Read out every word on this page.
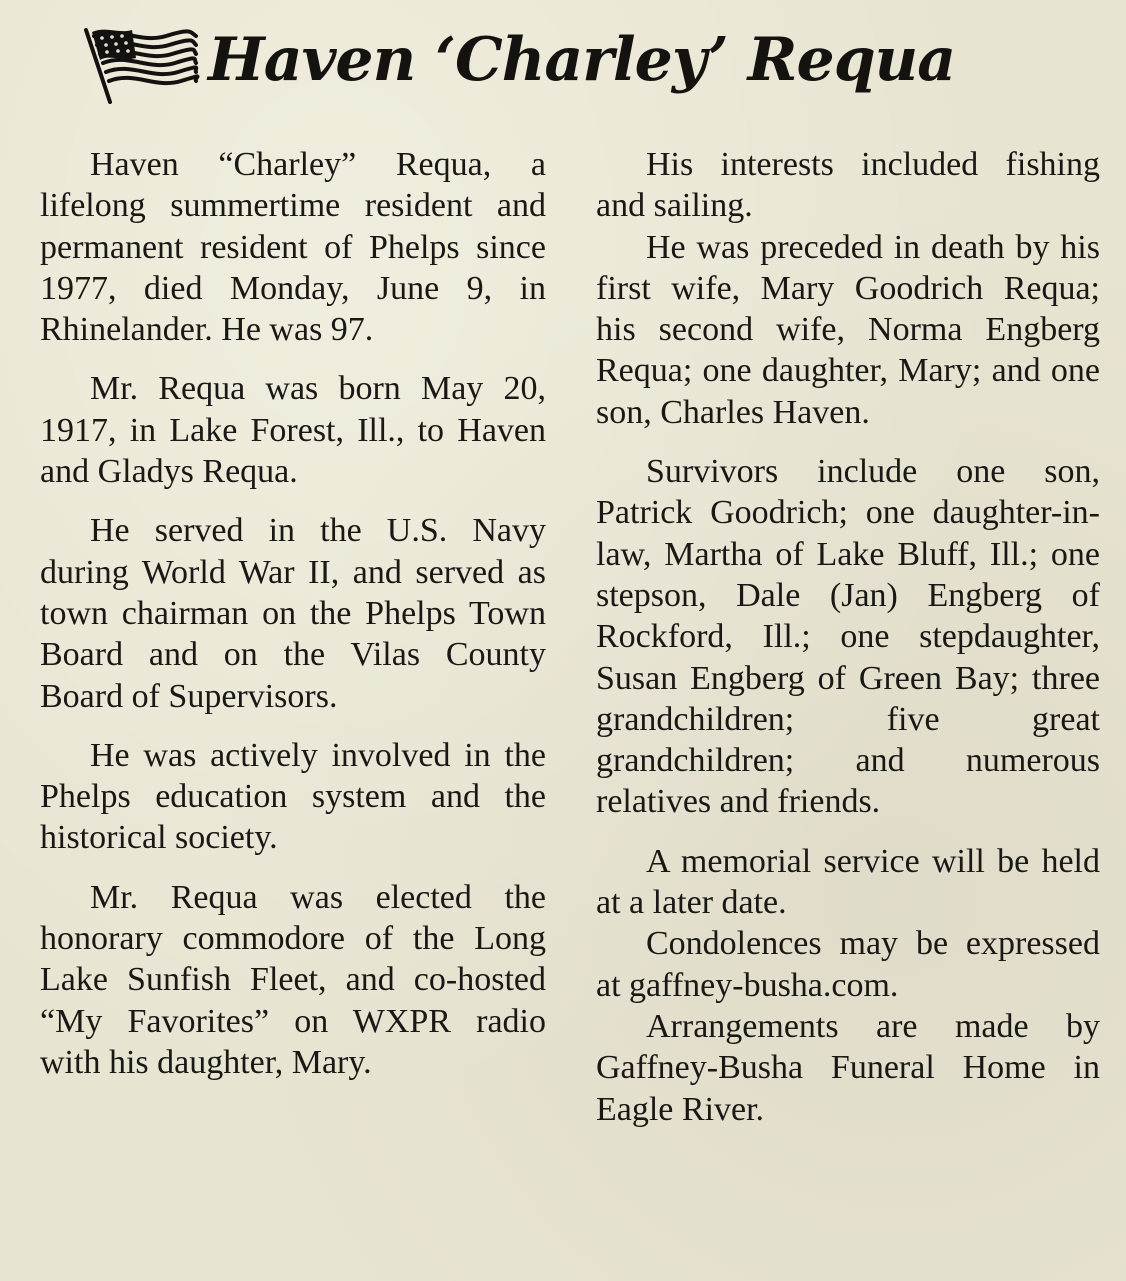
Haven ‘Charley’ Requa

Haven “Charley” Requa, a lifelong summertime resident and permanent resident of Phelps since 1977, died Monday, June 9, in Rhinelander. He was 97.

Mr. Requa was born May 20, 1917, in Lake Forest, Ill., to Haven and Gladys Requa.

He served in the U.S. Navy during World War II, and served as town chairman on the Phelps Town Board and on the Vilas County Board of Supervisors.

He was actively involved in the Phelps education system and the historical society.

Mr. Requa was elected the honorary commodore of the Long Lake Sunfish Fleet, and co-hosted “My Favorites” on WXPR radio with his daughter, Mary.

His interests included fishing and sailing.

He was preceded in death by his first wife, Mary Goodrich Requa; his second wife, Norma Engberg Requa; one daughter, Mary; and one son, Charles Haven.

Survivors include one son, Patrick Goodrich; one daughter-in-law, Martha of Lake Bluff, Ill.; one stepson, Dale (Jan) Engberg of Rockford, Ill.; one stepdaughter, Susan Engberg of Green Bay; three grandchildren; five great grandchildren; and numerous relatives and friends.

A memorial service will be held at a later date.

Condolences may be expressed at gaffney-busha.com.

Arrangements are made by Gaffney-Busha Funeral Home in Eagle River.
